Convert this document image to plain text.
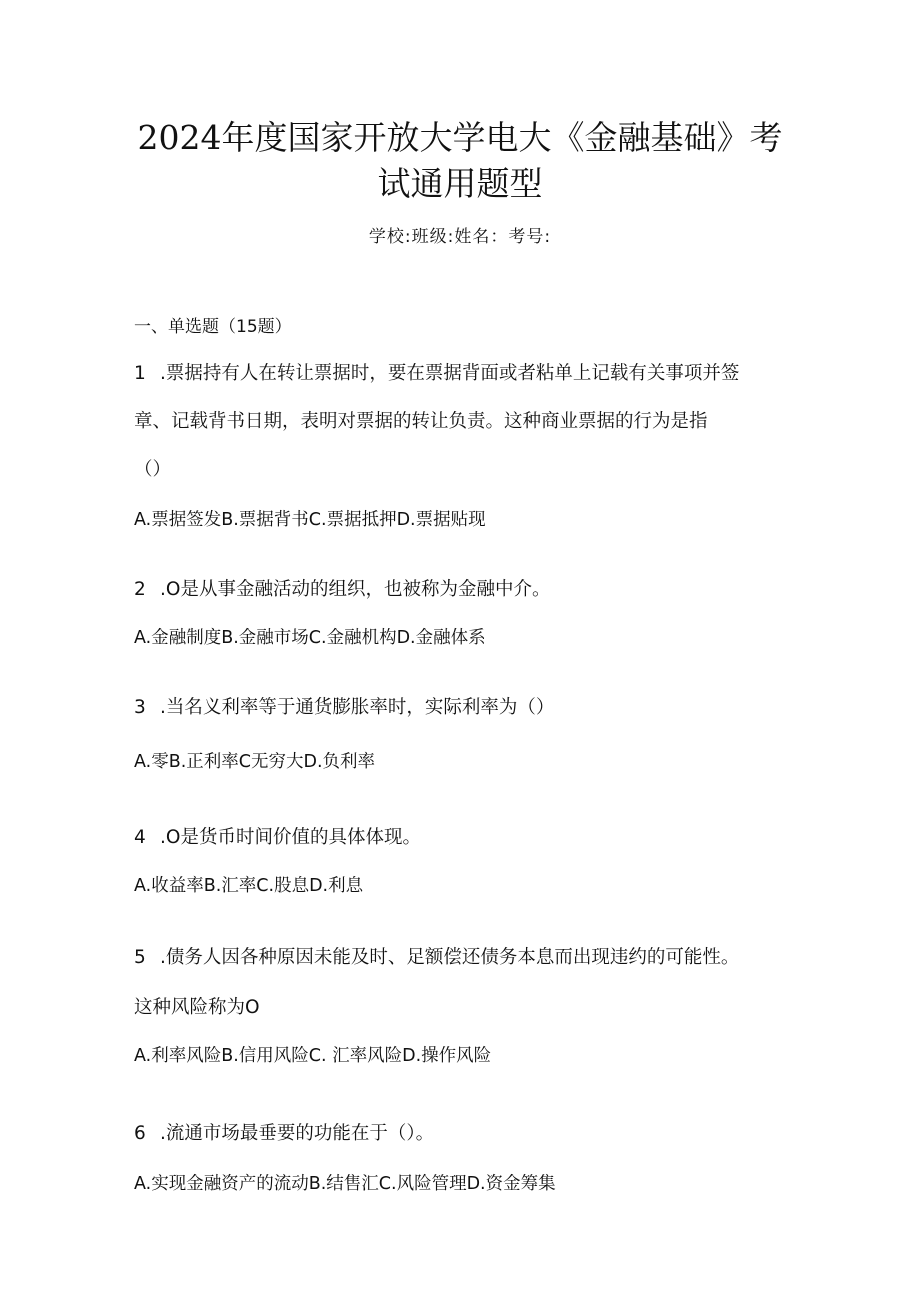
2024年度国家开放大学电大《金融基础》考
试通用题型
学校:班级:姓名：考号:
一、单选题（15题）

1 .票据持有人在转让票据时，要在票据背面或者粘单上记载有关事项并签

章、记载背书日期，表明对票据的转让负责。这种商业票据的行为是指

（）

A.票据签发B.票据背书C.票据抵押D.票据贴现

2 .O是从事金融活动的组织，也被称为金融中介。

A.金融制度B.金融市场C.金融机构D.金融体系

3 .当名义利率等于通货膨胀率时，实际利率为（）

A.零B.正利率C无穷大D.负利率

4 .O是货币时间价值的具体体现。

A.收益率B.汇率C.股息D.利息

5 .债务人因各种原因未能及时、足额偿还债务本息而出现违约的可能性。

这种风险称为O

A.利率风险B.信用风险C. 汇率风险D.操作风险

6 .流通市场最垂要的功能在于（）。

A.实现金融资产的流动B.结售汇C.风险管理D.资金筹集
